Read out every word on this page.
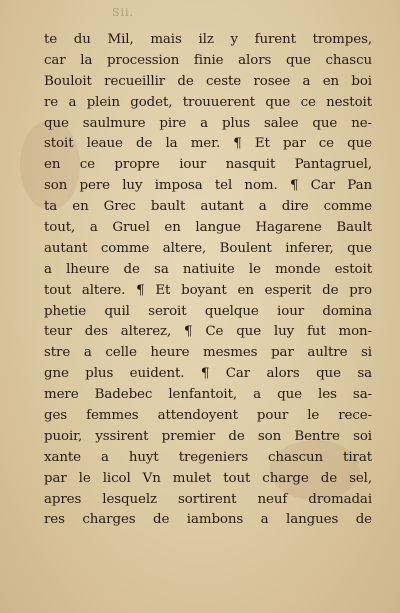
Sii.
te du Mil, mais ilz y furent trompes,
car la procession finie alors que chascu
Bouloit recueillir de ceste rosee a en boi
re a plein godet, trouuerent que ce nestoit
que saulmure pire a plus salee que ne-
stoit leaue de la mer. ¶ Et par ce que
en ce propre iour nasquit Pantagruel,
son pere luy imposa tel nom. ¶ Car Pan
ta en Grec bault autant a dire comme
tout, a Gruel en langue Hagarene Bault
autant comme altere, Boulent inferer, que
a lheure de sa natiuite le monde estoit
tout altere. ¶ Et boyant en esperit de pro
phetie quil seroit quelque iour domina
teur des alterez, ¶ Ce que luy fut mon-
stre a celle heure mesmes par aultre si
gne plus euident. ¶ Car alors que sa
mere Badebec lenfantoit, a que les sa-
ges femmes attendoyent pour le rece-
puoir, yssirent premier de son Bentre soi
xante a huyt tregeniers chascun tirat
par le licol Vn mulet tout charge de sel,
apres lesquelz sortirent neuf dromadai
res charges de iambons a langues de
